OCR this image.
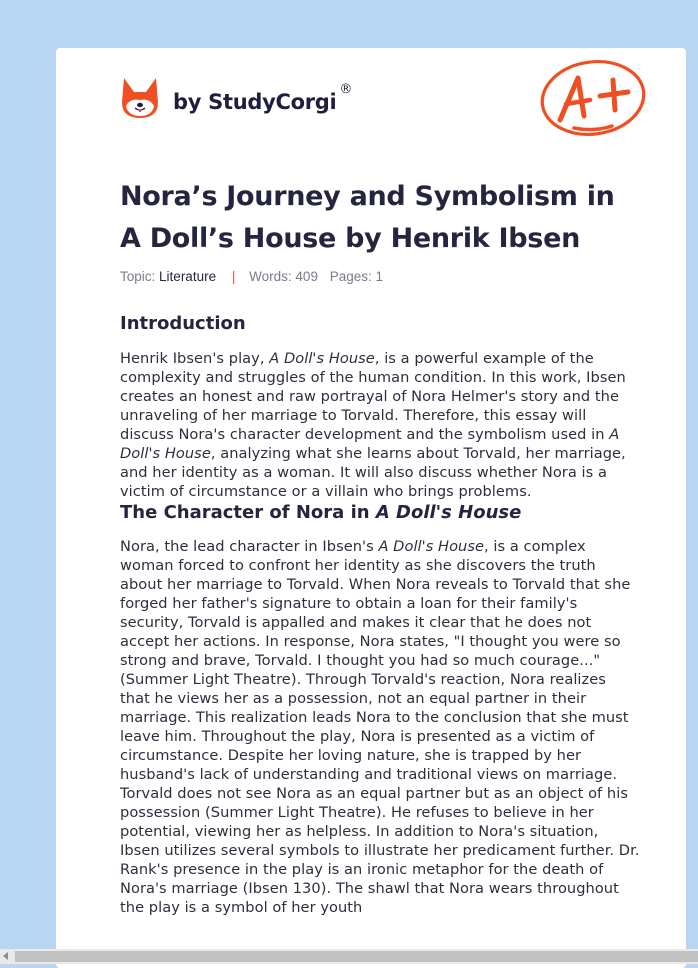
by StudyCorgi®
Nora’s Journey and Symbolism in A Doll’s House by Henrik Ibsen
Topic: Literature | Words: 409 Pages: 1
Introduction

Henrik Ibsen's play, A Doll's House, is a powerful example of the complexity and struggles of the human condition. In this work, Ibsen creates an honest and raw portrayal of Nora Helmer's story and the unraveling of her marriage to Torvald. Therefore, this essay will discuss Nora's character development and the symbolism used in A Doll's House, analyzing what she learns about Torvald, her marriage, and her identity as a woman. It will also discuss whether Nora is a victim of circumstance or a villain who brings problems.

The Character of Nora in A Doll's House

Nora, the lead character in Ibsen's A Doll's House, is a complex woman forced to confront her identity as she discovers the truth about her marriage to Torvald. When Nora reveals to Torvald that she forged her father's signature to obtain a loan for their family's security, Torvald is appalled and makes it clear that he does not accept her actions. In response, Nora states, "I thought you were so strong and brave, Torvald. I thought you had so much courage..." (Summer Light Theatre). Through Torvald's reaction, Nora realizes that he views her as a possession, not an equal partner in their marriage. This realization leads Nora to the conclusion that she must leave him. Throughout the play, Nora is presented as a victim of circumstance. Despite her loving nature, she is trapped by her husband's lack of understanding and traditional views on marriage. Torvald does not see Nora as an equal partner but as an object of his possession (Summer Light Theatre). He refuses to believe in her potential, viewing her as helpless. In addition to Nora's situation, Ibsen utilizes several symbols to illustrate her predicament further. Dr. Rank's presence in the play is an ironic metaphor for the death of Nora's marriage (Ibsen 130). The shawl that Nora wears throughout the play is a symbol of her youth
